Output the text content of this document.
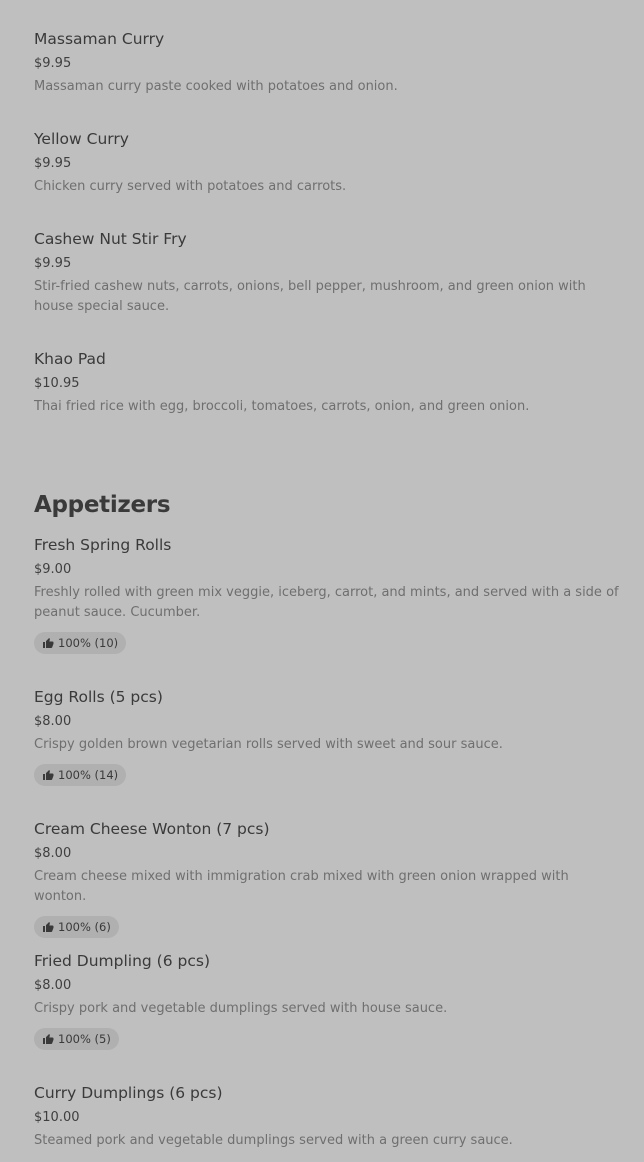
Massaman Curry
$9.95
Massaman curry paste cooked with potatoes and onion.
Yellow Curry
$9.95
Chicken curry served with potatoes and carrots.
Cashew Nut Stir Fry
$9.95
Stir-fried cashew nuts, carrots, onions, bell pepper, mushroom, and green onion with house special sauce.
Khao Pad
$10.95
Thai fried rice with egg, broccoli, tomatoes, carrots, onion, and green onion.
Appetizers
Fresh Spring Rolls
$9.00
Freshly rolled with green mix veggie, iceberg, carrot, and mints, and served with a side of peanut sauce. Cucumber.
100% (10)
Egg Rolls (5 pcs)
$8.00
Crispy golden brown vegetarian rolls served with sweet and sour sauce.
100% (14)
Cream Cheese Wonton (7 pcs)
$8.00
Cream cheese mixed with immigration crab mixed with green onion wrapped with wonton.
100% (6)
Fried Dumpling (6 pcs)
$8.00
Crispy pork and vegetable dumplings served with house sauce.
100% (5)
Curry Dumplings (6 pcs)
$10.00
Steamed pork and vegetable dumplings served with a green curry sauce.
